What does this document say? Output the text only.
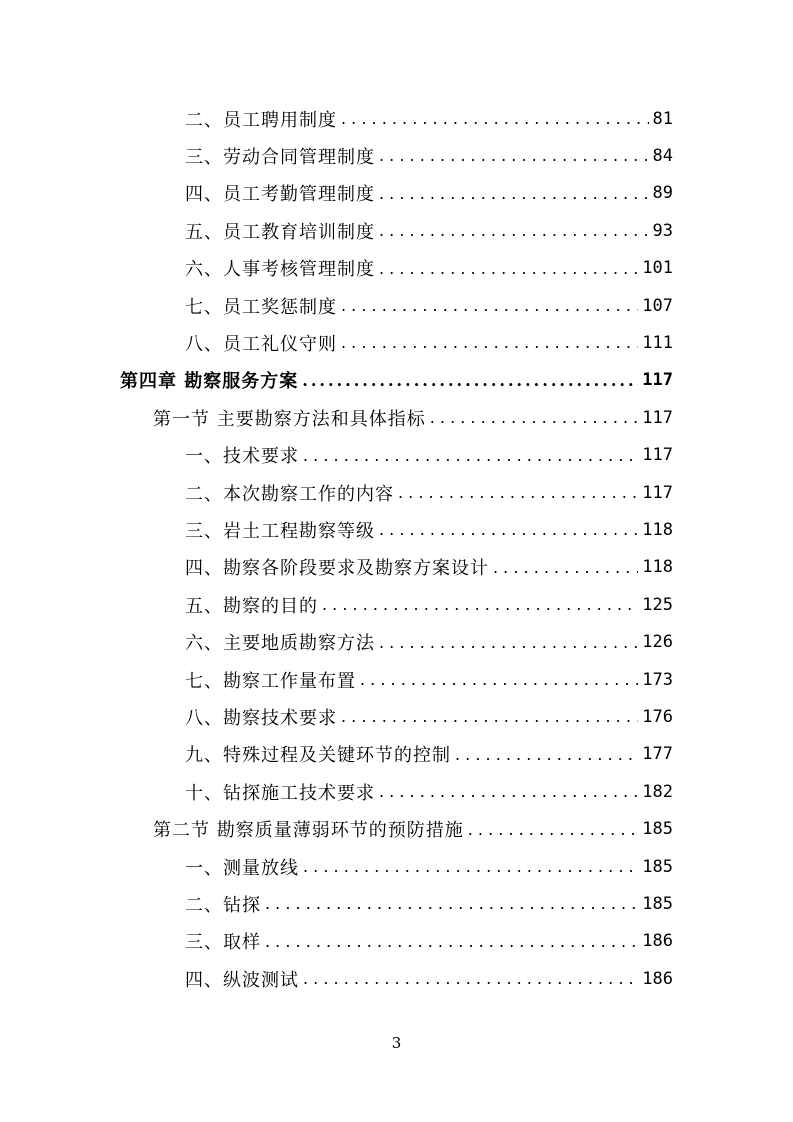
二、员工聘用制度 . . .	81
三、劳动合同管理制度 . . .	84
四、员工考勤管理制度 . . .	89
五、员工教育培训制度 . . .	93
六、人事考核管理制度 . . .	101
七、员工奖惩制度 . . .	107
八、员工礼仪守则 . . .	111
第四章 勘察服务方案 .....	117
第一节 主要勘察方法和具体指标 . . .	117
一、技术要求 . . .	117
二、本次勘察工作的内容 . . .	117
三、岩土工程勘察等级 . . .	118
四、勘察各阶段要求及勘察方案设计 . . .	118
五、勘察的目的 . . .	125
六、主要地质勘察方法 . . .	126
七、勘察工作量布置 . . .	173
八、勘察技术要求 . . .	176
九、特殊过程及关键环节的控制 . . .	177
十、钻探施工技术要求 . . .	182
第二节 勘察质量薄弱环节的预防措施 . . .	185
一、测量放线 . . .	185
二、钻探 . . .	185
三、取样 . . .	186
四、纵波测试 . . .	186
3
